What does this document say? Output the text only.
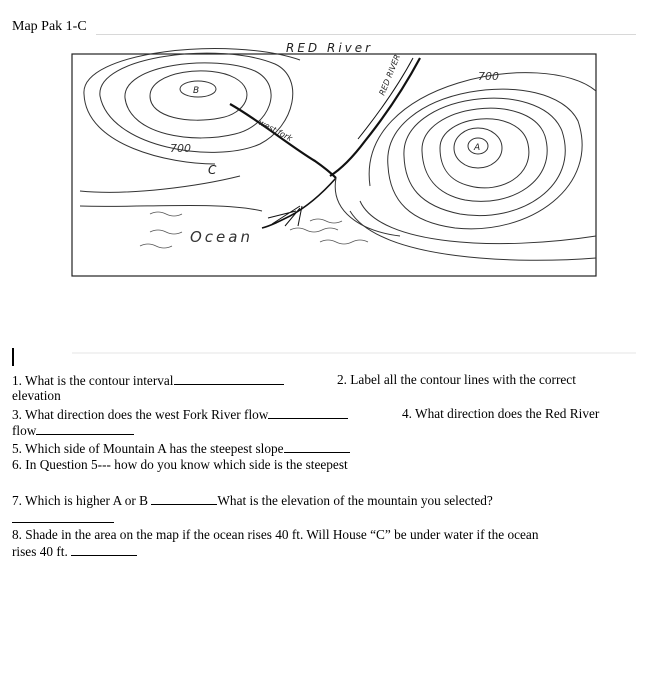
Map Pak 1-C
RED River
B
700
C
A
700
RED RIVER
west fork
Ocean
1. What is the contour interval	2. Label all the contour lines with the correct
elevation
3. What direction does the west Fork River flow	4. What direction does the Red River
flow
5. Which side of Mountain A has the steepest slope
6. In Question 5--- how do you know which side is the steepest
7. Which is higher A or B	What is the elevation of the mountain you selected?
8. Shade in the area on the map if the ocean rises 40 ft. Will House “C” be under water if the ocean
rises 40 ft.
